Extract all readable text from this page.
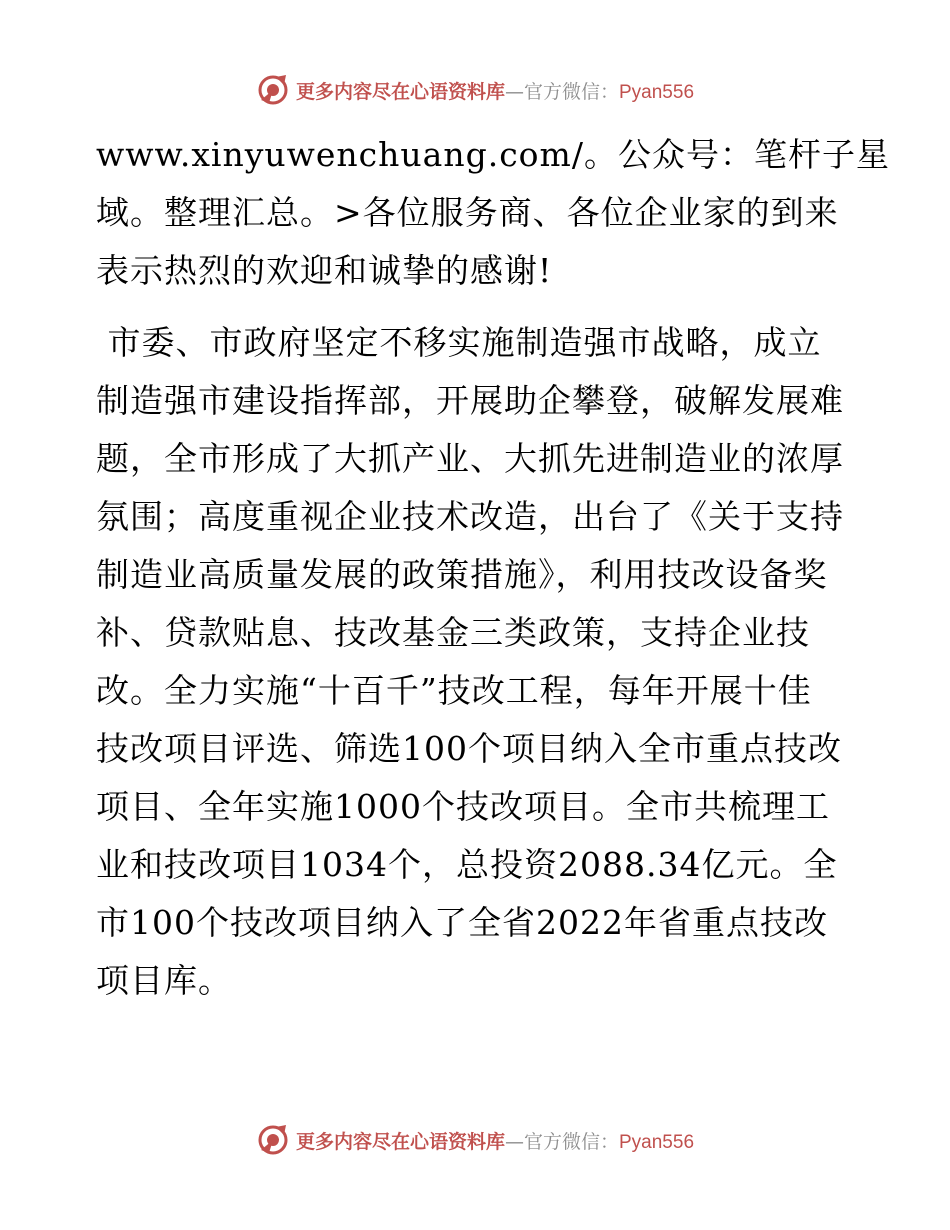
更多内容尽在心语资料库 — 官方微信： Pyan556
www.xinyuwenchuang.com/。公众号：笔杆子星
域。整理汇总。>各位服务商、各位企业家的到来
表示热烈的欢迎和诚挚的感谢!
市委、市政府坚定不移实施制造强市战略，成立
制造强市建设指挥部，开展助企攀登，破解发展难
题，全市形成了大抓产业、大抓先进制造业的浓厚
氛围；高度重视企业技术改造，出台了《关于支持
制造业高质量发展的政策措施》，利用技改设备奖
补、贷款贴息、技改基金三类政策，支持企业技
改。全力实施“十百千”技改工程，每年开展十佳
技改项目评选、筛选100个项目纳入全市重点技改
项目、全年实施1000个技改项目。全市共梳理工
业和技改项目1034个，总投资2088.34亿元。全
市100个技改项目纳入了全省2022年省重点技改
项目库。
更多内容尽在心语资料库 — 官方微信： Pyan556
